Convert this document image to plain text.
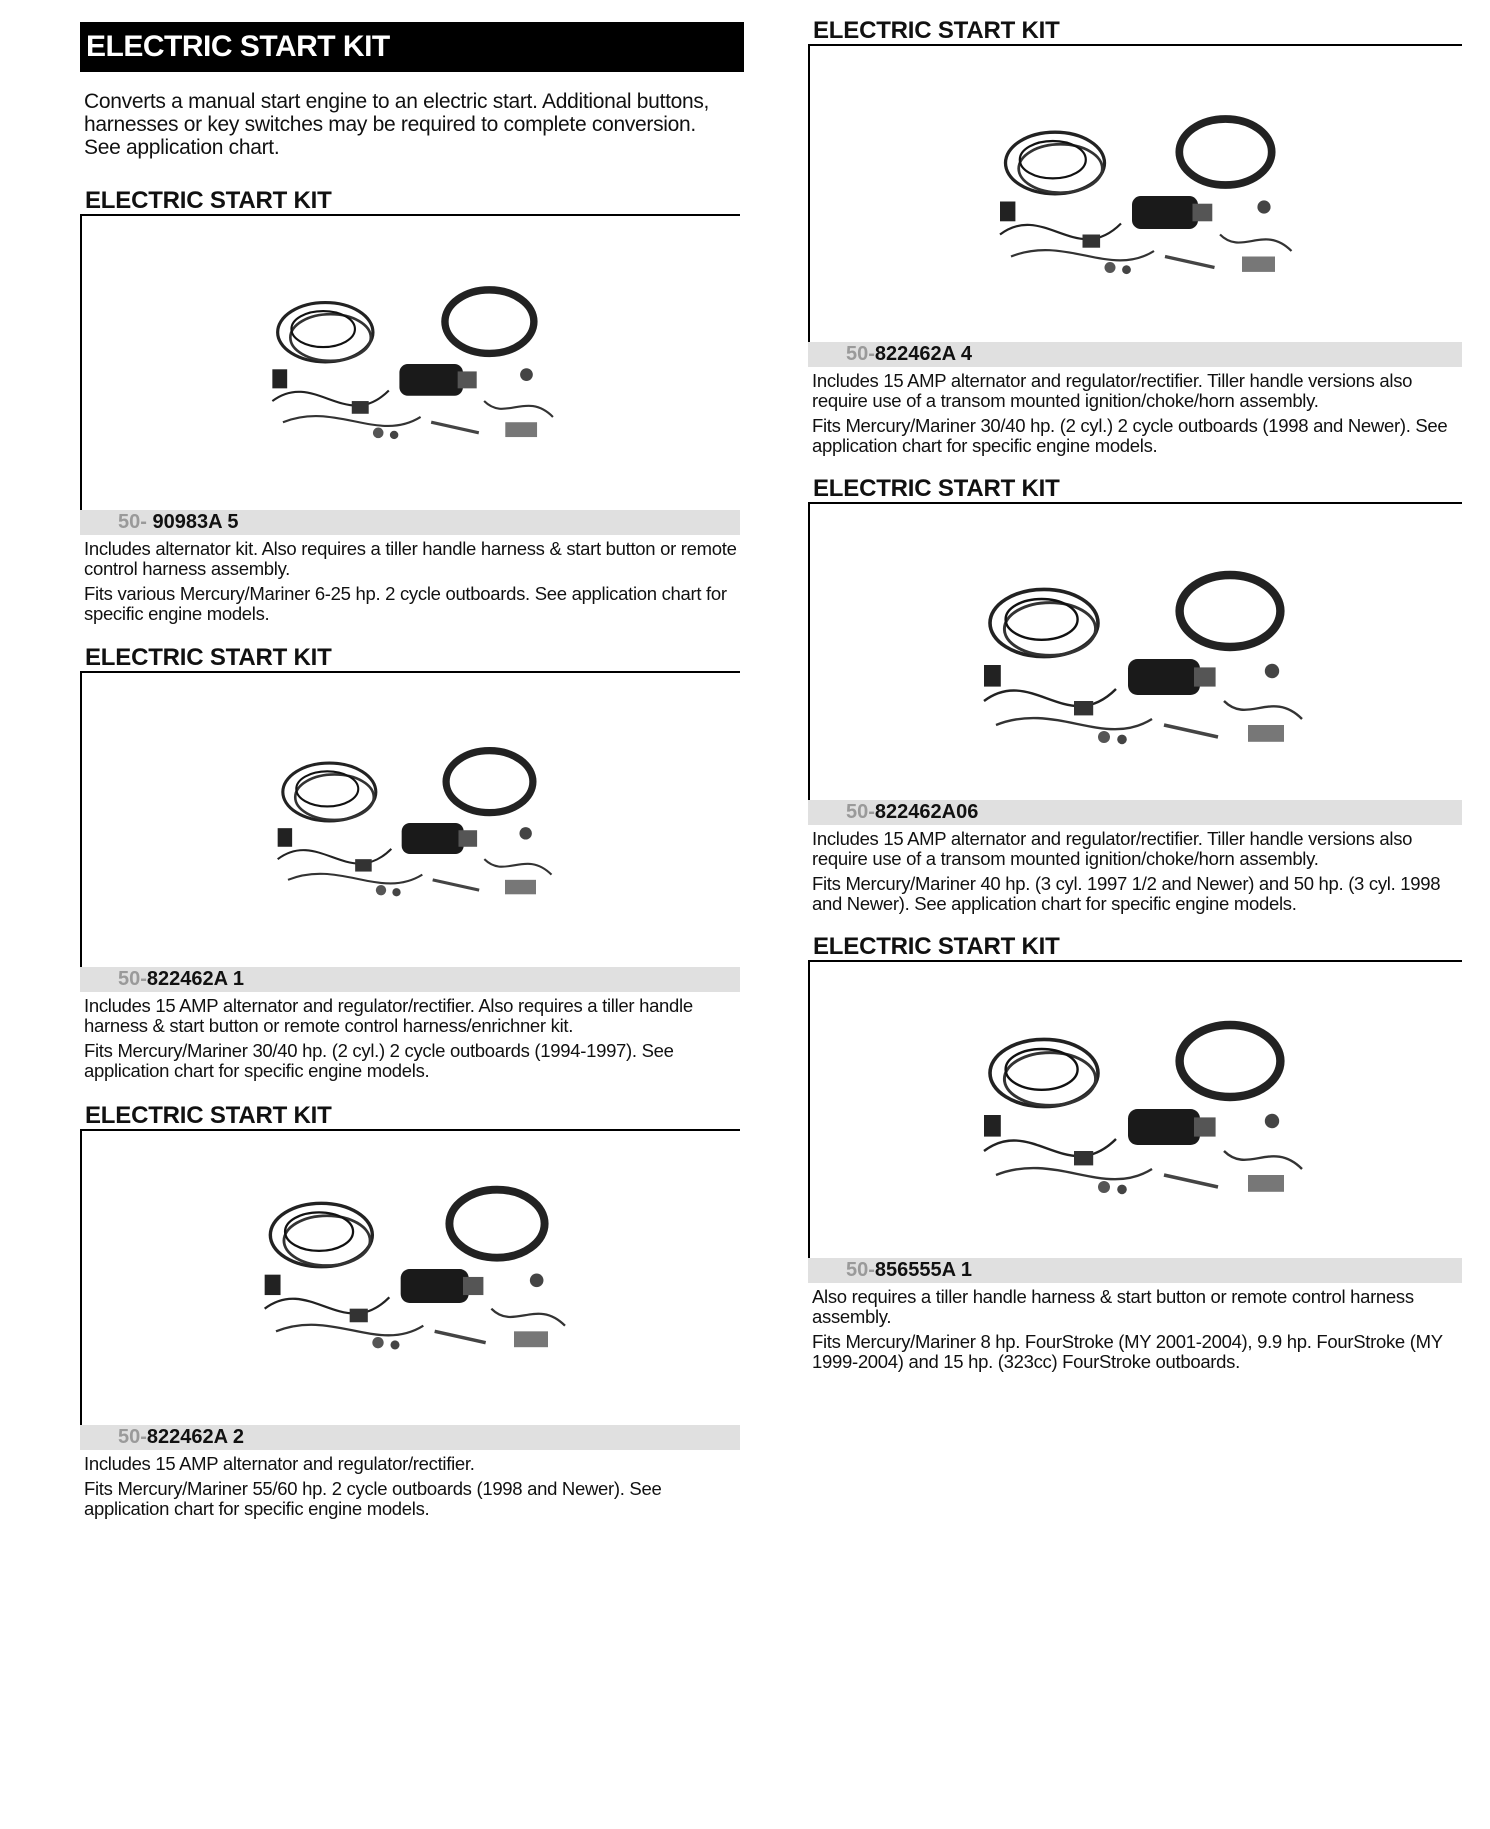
ELECTRIC START KIT
Converts a manual start engine to an electric start. Additional buttons, harnesses or key switches may be required to complete conversion. See application chart.
ELECTRIC START KIT
50- 90983A 5
Includes alternator kit. Also requires a tiller handle harness & start button or remote control harness assembly.
Fits various Mercury/Mariner 6-25 hp. 2 cycle outboards. See application chart for specific engine models.
ELECTRIC START KIT
50-822462A 1
Includes 15 AMP alternator and regulator/rectifier. Also requires a tiller handle harness & start button or remote control harness/enrichner kit.
Fits Mercury/Mariner 30/40 hp. (2 cyl.) 2 cycle outboards (1994-1997). See application chart for specific engine models.
ELECTRIC START KIT
50-822462A 2
Includes 15 AMP alternator and regulator/rectifier.
Fits Mercury/Mariner 55/60 hp. 2 cycle outboards (1998 and Newer). See application chart for specific engine models.
ELECTRIC START KIT
50-822462A 4
Includes 15 AMP alternator and regulator/rectifier. Tiller handle versions also require use of a transom mounted ignition/choke/horn assembly.
Fits Mercury/Mariner 30/40 hp. (2 cyl.) 2 cycle outboards (1998 and Newer). See application chart for specific engine models.
ELECTRIC START KIT
50-822462A06
Includes 15 AMP alternator and regulator/rectifier. Tiller handle versions also require use of a transom mounted ignition/choke/horn assembly.
Fits Mercury/Mariner 40 hp. (3 cyl. 1997 1/2 and Newer) and 50 hp. (3 cyl. 1998 and Newer). See application chart for specific engine models.
ELECTRIC START KIT
50-856555A 1
Also requires a tiller handle harness & start button or remote control harness assembly.
Fits Mercury/Mariner 8 hp. FourStroke (MY 2001-2004), 9.9 hp. FourStroke (MY 1999-2004) and 15 hp. (323cc) FourStroke outboards.
